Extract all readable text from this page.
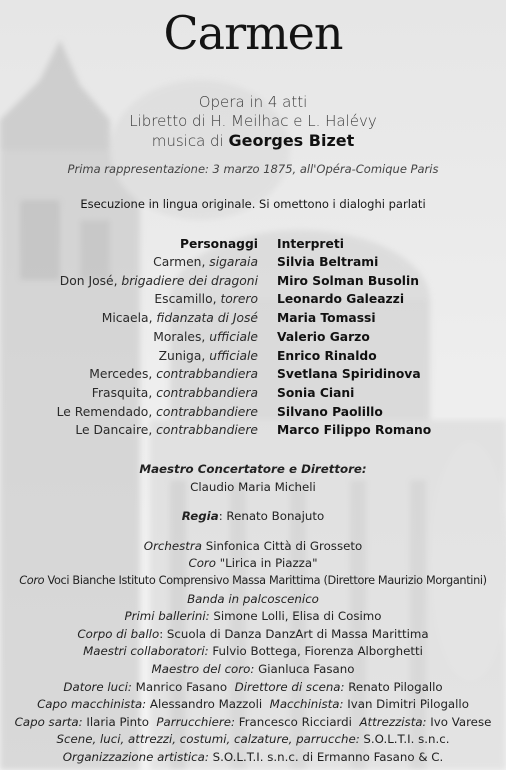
Carmen
Opera in 4 atti
Libretto di H. Meilhac e L. Halévy
musica di Georges Bizet
Prima rappresentazione: 3 marzo 1875, all'Opéra-Comique Paris
Esecuzione in lingua originale. Si omettono i dialoghi parlati
Personaggi Interpreti
Carmen, sigaraia Silvia Beltrami
Don José, brigadiere dei dragoni Miro Solman Busolin
Escamillo, torero Leonardo Galeazzi
Micaela, fidanzata di José Maria Tomassi
Morales, ufficiale Valerio Garzo
Zuniga, ufficiale Enrico Rinaldo
Mercedes, contrabbandiera Svetlana Spiridinova
Frasquita, contrabbandiera Sonia Ciani
Le Remendado, contrabbandiere Silvano Paolillo
Le Dancaire, contrabbandiere Marco Filippo Romano
Maestro Concertatore e Direttore:
Claudio Maria Micheli
Regia: Renato Bonajuto
Orchestra Sinfonica Città di Grosseto
Coro "Lirica in Piazza"
Coro Voci Bianche Istituto Comprensivo Massa Marittima (Direttore Maurizio Morgantini)
Banda in palcoscenico
Primi ballerini: Simone Lolli, Elisa di Cosimo
Corpo di ballo: Scuola di Danza DanzArt di Massa Marittima
Maestri collaboratori: Fulvio Bottega, Fiorenza Alborghetti
Maestro del coro: Gianluca Fasano
Datore luci: Manrico Fasano Direttore di scena: Renato Pilogallo
Capo macchinista: Alessandro Mazzoli Macchinista: Ivan Dimitri Pilogallo
Capo sarta: Ilaria Pinto Parrucchiere: Francesco Ricciardi Attrezzista: Ivo Varese
Scene, luci, attrezzi, costumi, calzature, parrucche: S.O.L.T.I. s.n.c.
Organizzazione artistica: S.O.L.T.I. s.n.c. di Ermanno Fasano & C.
